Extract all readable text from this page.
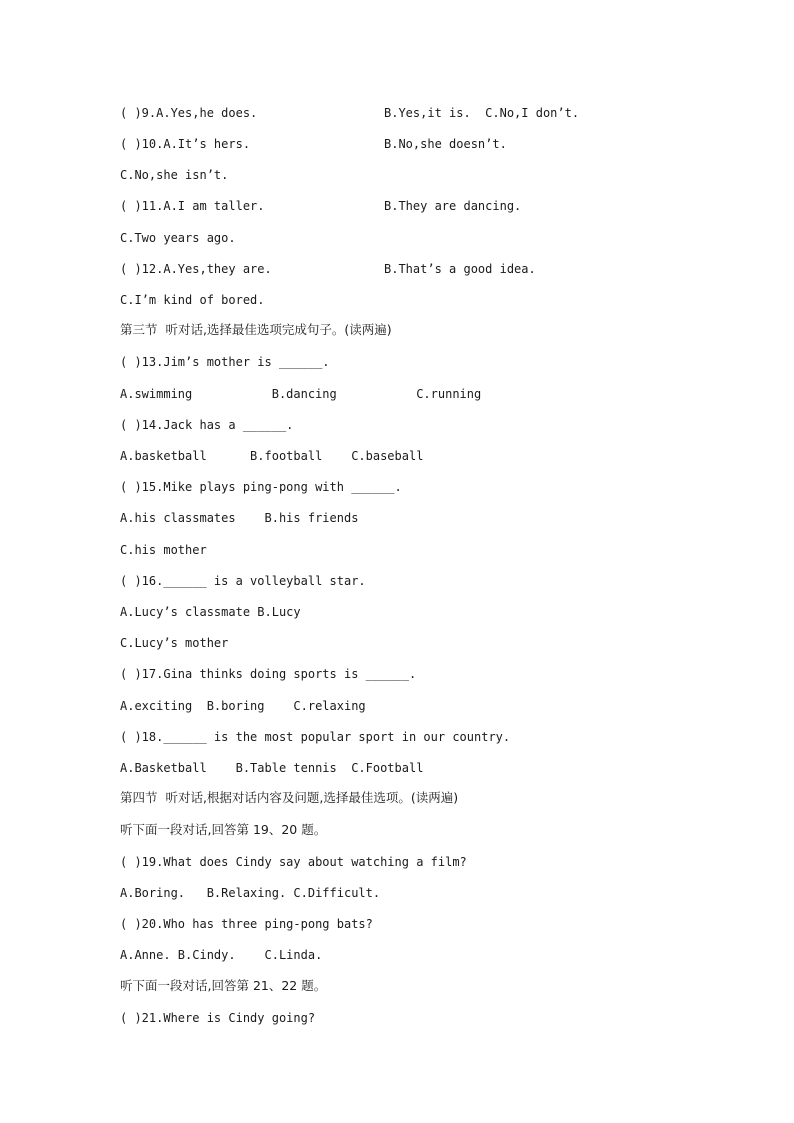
( )9.A.Yes,he does.	B.Yes,it is.  C.No,I don’t.
( )10.A.It’s hers.	B.No,she doesn’t.
C.No,she isn’t.
( )11.A.I am taller.	B.They are dancing.
C.Two years ago.
( )12.A.Yes,they are.	B.That’s a good idea.
C.I’m kind of bored.
第三节  听对话,选择最佳选项完成句子。(读两遍)
( )13.Jim’s mother is ______.
A.swimming           B.dancing           C.running
( )14.Jack has a ______.
A.basketball      B.football    C.baseball
( )15.Mike plays ping-pong with ______.
A.his classmates    B.his friends
C.his mother
( )16.______ is a volleyball star.
A.Lucy’s classmate B.Lucy
C.Lucy’s mother
( )17.Gina thinks doing sports is ______.
A.exciting  B.boring    C.relaxing
( )18.______ is the most popular sport in our country.
A.Basketball    B.Table tennis  C.Football
第四节  听对话,根据对话内容及问题,选择最佳选项。(读两遍)
听下面一段对话,回答第 19、20 题。
( )19.What does Cindy say about watching a film?
A.Boring.   B.Relaxing. C.Difficult.
( )20.Who has three ping-pong bats?
A.Anne. B.Cindy.    C.Linda.
听下面一段对话,回答第 21、22 题。
( )21.Where is Cindy going?
